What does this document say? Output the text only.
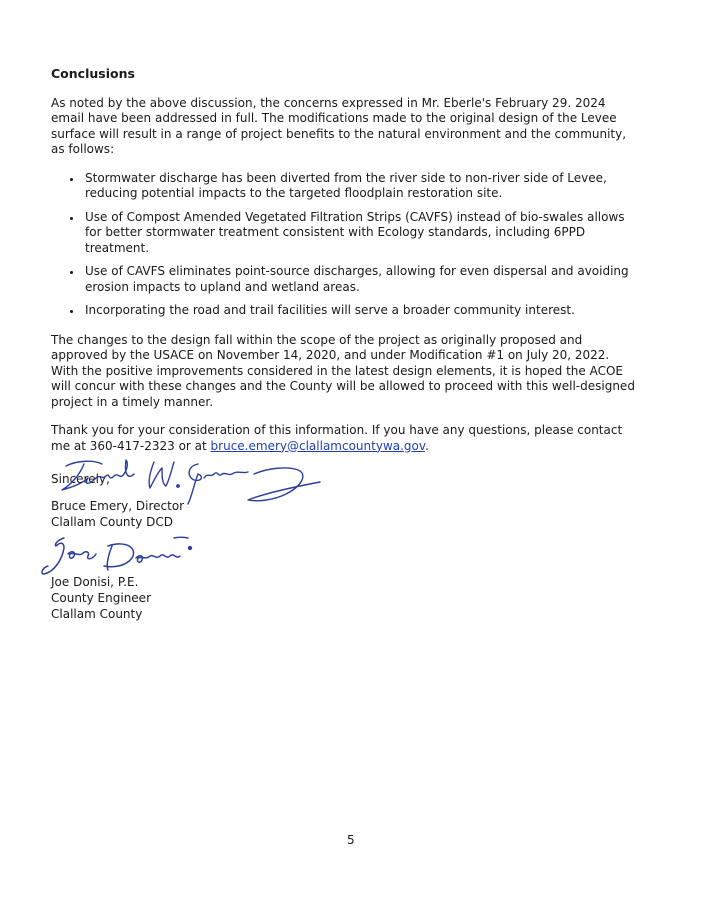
Conclusions

As noted by the above discussion, the concerns expressed in Mr. Eberle's February 29. 2024 email have been addressed in full. The modifications made to the original design of the Levee surface will result in a range of project benefits to the natural environment and the community, as follows:

• Stormwater discharge has been diverted from the river side to non-river side of Levee, reducing potential impacts to the targeted floodplain restoration site.
• Use of Compost Amended Vegetated Filtration Strips (CAVFS) instead of bio-swales allows for better stormwater treatment consistent with Ecology standards, including 6PPD treatment.
• Use of CAVFS eliminates point-source discharges, allowing for even dispersal and avoiding erosion impacts to upland and wetland areas.
• Incorporating the road and trail facilities will serve a broader community interest.

The changes to the design fall within the scope of the project as originally proposed and approved by the USACE on November 14, 2020, and under Modification #1 on July 20, 2022. With the positive improvements considered in the latest design elements, it is hoped the ACOE will concur with these changes and the County will be allowed to proceed with this well-designed project in a timely manner.

Thank you for your consideration of this information. If you have any questions, please contact me at 360-417-2323 or at bruce.emery@clallamcountywa.gov.

Sincerely,

Bruce Emery, Director
Clallam County DCD
Joe Donisi, P.E.
County Engineer
Clallam County
5
